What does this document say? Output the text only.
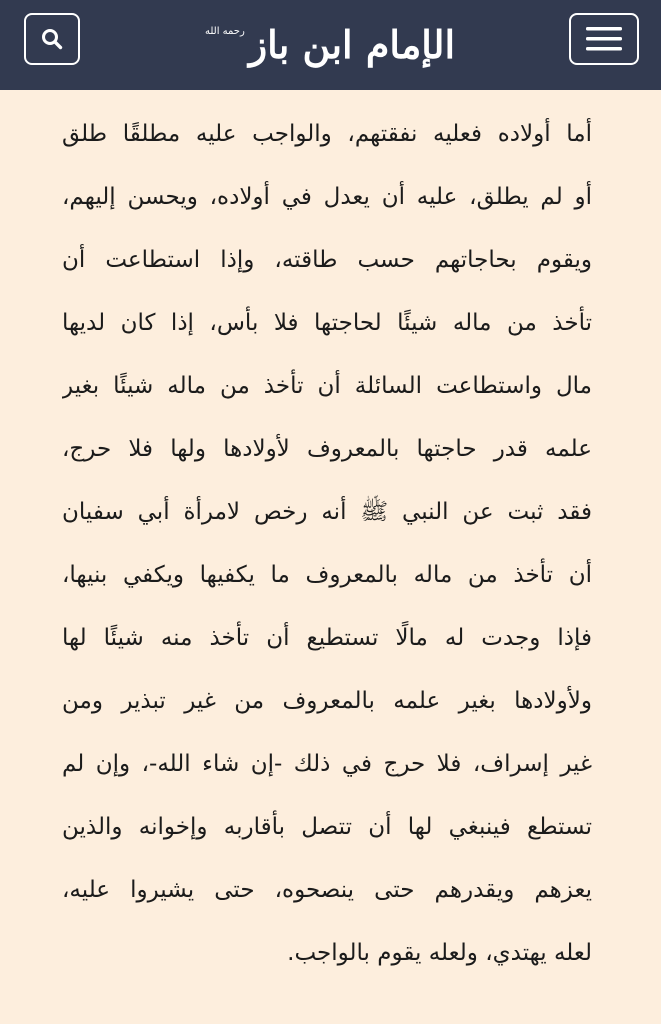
الإمام ابن باز
رحمه الله
أما أولاده فعليه نفقتهم، والواجب عليه مطلقًا طلق
أو لم يطلق، عليه أن يعدل في أولاده، ويحسن إليهم،
ويقوم بحاجاتهم حسب طاقته، وإذا استطاعت أن
تأخذ من ماله شيئًا لحاجتها فلا بأس، إذا كان لديها
مال واستطاعت السائلة أن تأخذ من ماله شيئًا بغير
علمه قدر حاجتها بالمعروف لأولادها ولها فلا حرج،
فقد ثبت عن النبي ﷺ أنه رخص لامرأة أبي سفيان
أن تأخذ من ماله بالمعروف ما يكفيها ويكفي بنيها،
فإذا وجدت له مالًا تستطيع أن تأخذ منه شيئًا لها
ولأولادها بغير علمه بالمعروف من غير تبذير ومن
غير إسراف، فلا حرج في ذلك -إن شاء الله-، وإن لم
تستطع فينبغي لها أن تتصل بأقاربه وإخوانه والذين
يعزهم ويقدرهم حتى ينصحوه، حتى يشيروا عليه،
لعله يهتدي، ولعله يقوم بالواجب.
